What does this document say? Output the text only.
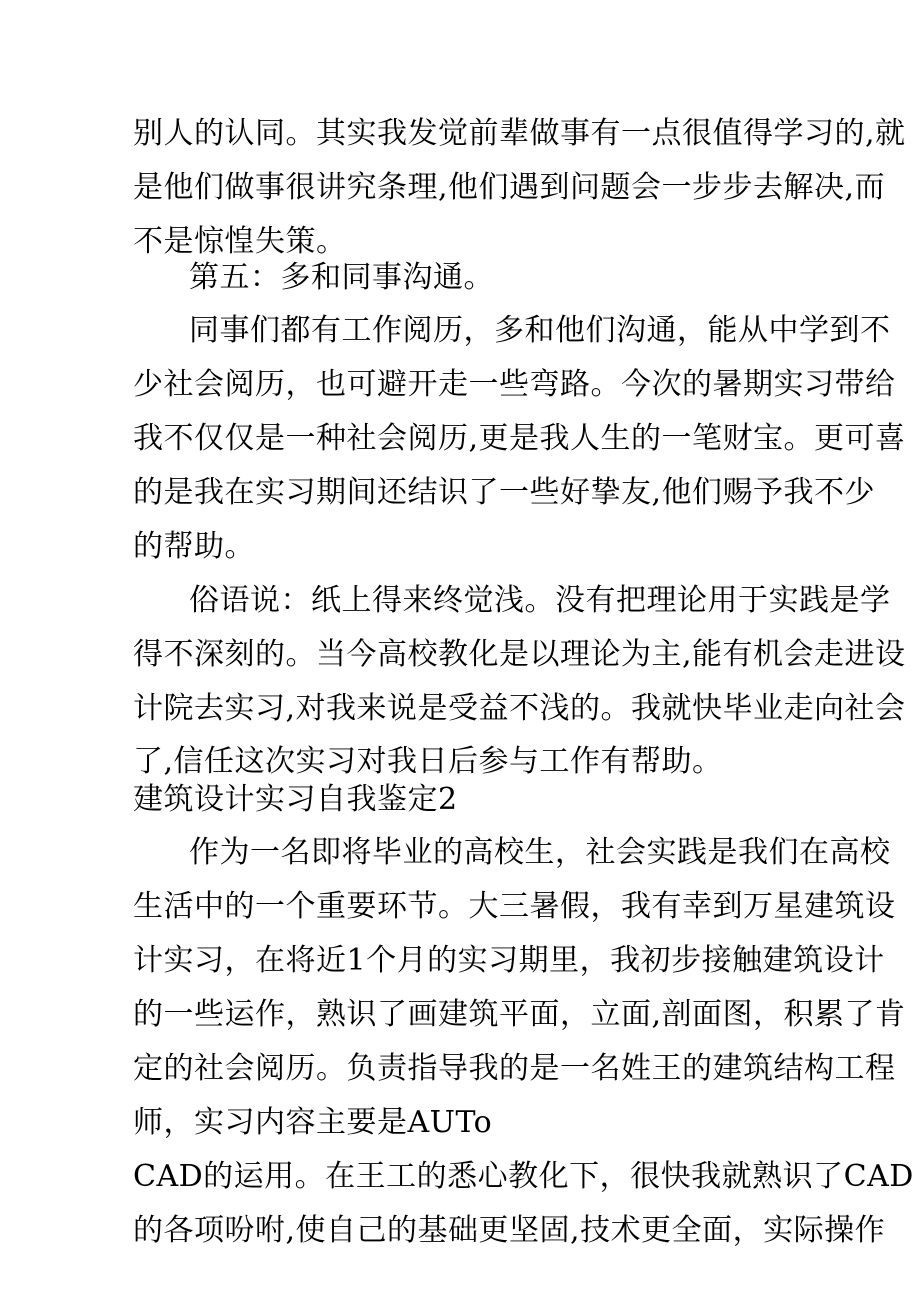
别人的认同。其实我发觉前辈做事有一点很值得学习的,就
是他们做事很讲究条理,他们遇到问题会一步步去解决,而
不是惊惶失策。
第五：多和同事沟通。
同事们都有工作阅历，多和他们沟通，能从中学到不
少社会阅历，也可避开走一些弯路。今次的暑期实习带给
我不仅仅是一种社会阅历,更是我人生的一笔财宝。更可喜
的是我在实习期间还结识了一些好挚友,他们赐予我不少
的帮助。
俗语说：纸上得来终觉浅。没有把理论用于实践是学
得不深刻的。当今高校教化是以理论为主,能有机会走进设
计院去实习,对我来说是受益不浅的。我就快毕业走向社会
了,信任这次实习对我日后参与工作有帮助。
建筑设计实习自我鉴定2
作为一名即将毕业的高校生，社会实践是我们在高校
生活中的一个重要环节。大三暑假，我有幸到万星建筑设
计实习，在将近1个月的实习期里，我初步接触建筑设计
的一些运作，熟识了画建筑平面，立面,剖面图，积累了肯
定的社会阅历。负责指导我的是一名姓王的建筑结构工程
师，实习内容主要是AUTo
CAD的运用。在王工的悉心教化下，很快我就熟识了CAD
的各项吩咐,使自己的基础更坚固,技术更全面，实际操作
